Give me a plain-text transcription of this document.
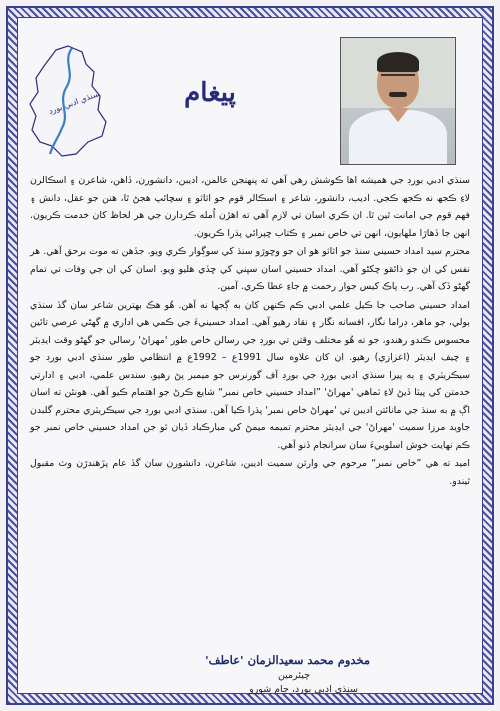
سنڌي ادبي بورڊ	پيغام

سنڌي ادبي بورڊ جي هميشه اها ڪوشش رهي آهي ته پنهنجن عالمن، اديبن، دانشورن، ڏاهن، شاعرن ۽ اسڪالرن لاءِ ڪجھ نه ڪجھ ڪجي. اديب، دانشور، شاعر ۽ اسڪالر قوم جو اثاثو ۽ سچائپ هجڻ ٿا، هنن جو عقل، دانش ۽ فهم قوم جي امانت ٿين ٿا. ان ڪري اسان تي لازم آهي ته اهڙن اُمله ڪردارن جي هر لحاظ کان خدمت ڪريون. انهن جا ڏهاڙا ملهايون، انهن تي خاص نمبر ۽ ڪتاب ڇپرائي پڌرا ڪريون.

محترم سيد امداد حسيني سنڌ جو اثاثو هو ان جو وڇوڙو سنڌ کي سوڳوار ڪري ويو. جڏهن ته موت برحق آهي. هر نفس کي ان جو ذائقو چکڻو آهي. امداد حسيني اسان سڀني کي ڇڏي هليو ويو. اسان کي ان جي وفات تي تمام گهڻو ڏک آهي. رب پاڪ کيس جوار رحمت ۾ جاءِ عطا ڪري. آمين.

امداد حسيني صاحب جا ڪيل علمي ادبي ڪم ڪنهن کان به ڳجها نه آهن. هُو هڪ بهترين شاعر سان گڏ سنڌي ٻولي، جو ماهر، ڊراما نگار، افسانه نگار ۽ نقاد رهيو آهي. امداد حسينيءَ جي ڪمي هي اداري ۾ گهڻي عرصي تائين محسوس ڪندو رهندو، جو ته هُو مختلف وقتن تي بورڊ جي رسالن خاص طور 'مهراڻ' رسالي جو گهڻو وقت ايڊيٽر ۽ چيف ايڊيٽر (اعزازي) رهيو. ان کان علاوه سال 1991ع – 1992ع ۾ انتظامي طور سنڌي ادبي بورڊ جو سيڪريٽري ۽ ٻه پيرا سنڌي ادبي بورڊ جي بورڊ آف گورنرس جو ميمبر پڻ رهيو. سندس علمي، ادبي ۽ ادارتي خدمتن کي پيٽا ڏيڻ لاءِ ٽماهي 'مهراڻ' ”امداد حسيني خاص نمبر“ شايع ڪرڻ جو اهتمام ڪيو آهي. هونئن ته اسان اڳ ۾ به سنڌ جي مانائتن اديبن تي 'مهراڻ خاص نمبر' پڌرا ڪيا آهن. سنڌي ادبي بورڊ جي سيڪريٽري محترم گلبدن جاويد مرزا سميت 'مهراڻ' جي ايڊيٽر محترم تميمه ميمڻ کي مبارڪباد ڏيان ٿو جن امداد حسيني خاص نمبر جو ڪم نهايت خوش اسلوبيءَ سان سرانجام ڏنو آهي.

اميد ته هي ”خاص نمبر“ مرحوم جي وارثن سميت اديبن، شاعرن، دانشورن سان گڏ عام پڙهندڙن وٽ مقبول ٿيندو.

مخدوم محمد سعيدالزمان 'عاطف'
چيئرمين
سنڌي ادبي بورڊ، ڄام شورو
